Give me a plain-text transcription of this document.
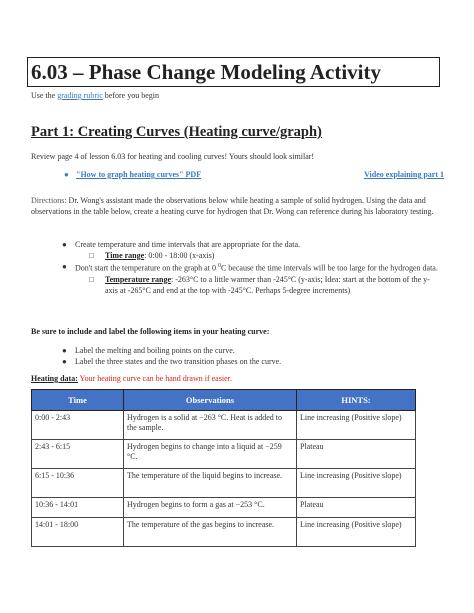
6.03 – Phase Change Modeling Activity
Use the grading rubric before you begin
Part 1: Creating Curves (Heating curve/graph)
Review page 4 of lesson 6.03 for heating and cooling curves! Yours should look similar!
● "How to graph heating curves" PDF	Video explaining part 1
Directions: Dr. Wong's assistant made the observations below while heating a sample of solid hydrogen. Using the data and observations in the table below, create a heating curve for hydrogen that Dr. Wong can reference during his laboratory testing.
● Create temperature and time intervals that are appropriate for the data.
□ Time range: 0:00 - 18:00 (x-axis)
● Don't start the temperature on the graph at 0 $^0$C because the time intervals will be too large for the hydrogen data.
□ Temperature range: -263°C to a little warmer than -245°C (y-axis; Idea: start at the bottom of the y-axis at -265°C and end at the top with -245°C. Perhaps 5-degree increments)
Be sure to include and label the following items in your heating curve:
● Label the melting and boiling points on the curve.
● Label the three states and the two transition phases on the curve.
Heating data: Your heating curve can be hand drawn if easier.
Time	Observations	HINTS:
0:00 - 2:43	Hydrogen is a solid at −263 °C. Heat is added to the sample.	Line increasing (Positive slope)
2:43 - 6:15	Hydrogen begins to change into a liquid at −259 °C.	Plateau
6:15 - 10:36	The temperature of the liquid begins to increase.	Line increasing (Positive slope)
10:36 - 14:01	Hydrogen begins to form a gas at −253 °C.	Plateau
14:01 - 18:00	The temperature of the gas begins to increase.	Line increasing (Positive slope)
